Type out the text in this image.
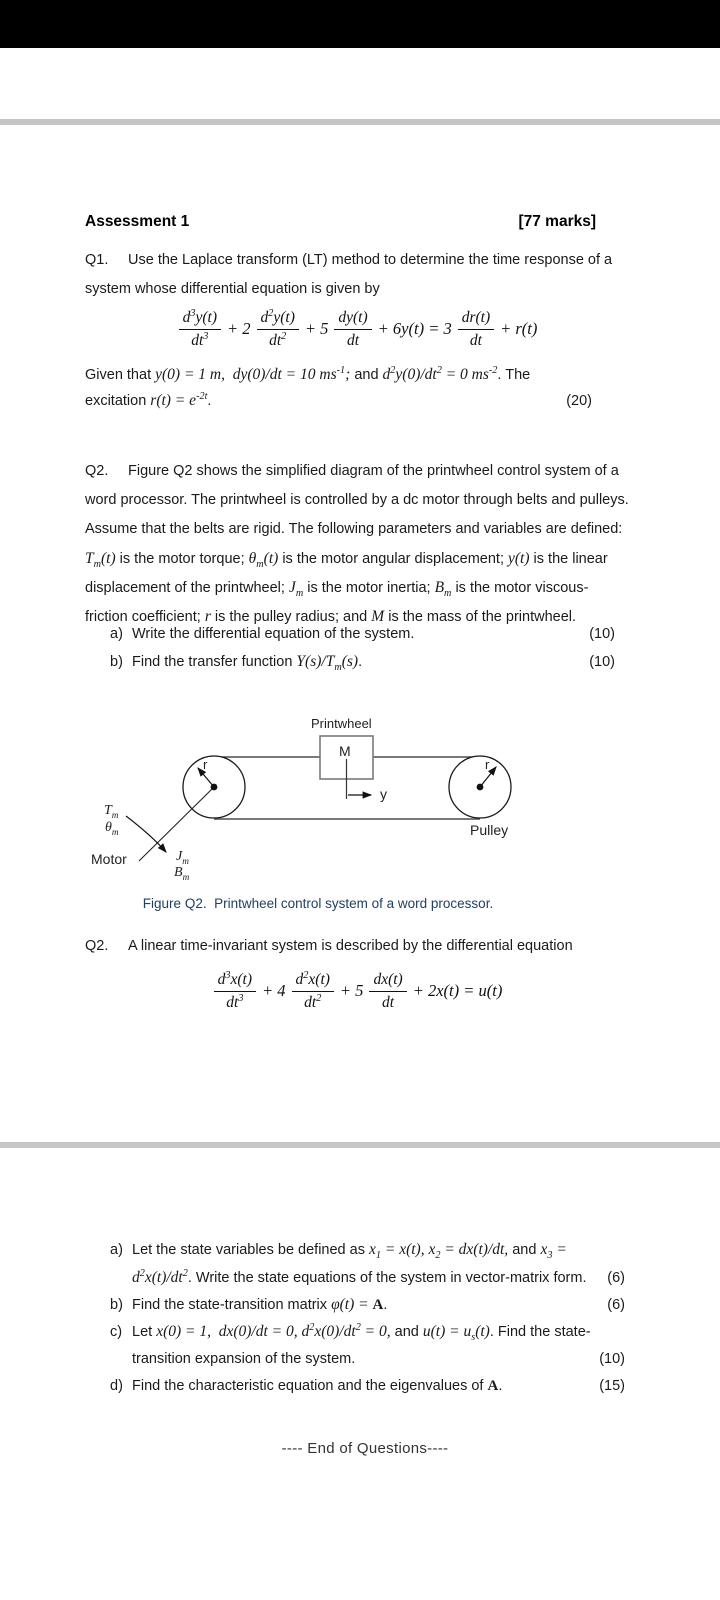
Assessment 1	[77 marks]
Q1. Use the Laplace transform (LT) method to determine the time response of a
system whose differential equation is given by
$\frac{d^3y(t)}{dt^3} + 2 \frac{d^2y(t)}{dt^2} + 5 \frac{dy(t)}{dt} + 6y(t) = 3 \frac{dr(t)}{dt} + r(t)$
Given that y(0) = 1 m,  dy(0)/dt = 10 $ms^{-1}$; and $d^2y(0)/dt^2 = 0$ $ms^{-2}$. The
excitation $r(t) = e^{-2t}$.	(20)
Q2. Figure Q2 shows the simplified diagram of the printwheel control system of a
word processor. The printwheel is controlled by a dc motor through belts and pulleys.
Assume that the belts are rigid. The following parameters and variables are defined:
$T_m(t)$ is the motor torque; $\theta_m(t)$ is the motor angular displacement; y(t) is the linear
displacement of the printwheel; $J_m$ is the motor inertia; $B_m$ is the motor viscous-
friction coefficient; r is the pulley radius; and M is the mass of the printwheel.
a) Write the differential equation of the system.	(10)
b) Find the transfer function $Y(s)/T_m(s)$.	(10)
Printwheel
M
y
r	r
$T_m$
$\theta_m$
Motor	$J_m$
$B_m$
Pulley
Figure Q2.  Printwheel control system of a word processor.
Q2. A linear time-invariant system is described by the differential equation
$\frac{d^3x(t)}{dt^3} + 4 \frac{d^2x(t)}{dt^2} + 5 \frac{dx(t)}{dt} + 2x(t) = u(t)$
a) Let the state variables be defined as $x_1 = x(t)$, $x_2 = dx(t)/dt$, and $x_3$ =
$d^2x(t)/dt^2$. Write the state equations of the system in vector-matrix form. (6)
b) Find the state-transition matrix φ(t) = A.	(6)
c) Let x(0) = 1,  dx(0)/dt = 0, $d^2x(0)/dt^2 = 0$, and $u(t) = u_s(t)$. Find the state-
transition expansion of the system.	(10)
d) Find the characteristic equation and the eigenvalues of A.	(15)
---- End of Questions----
